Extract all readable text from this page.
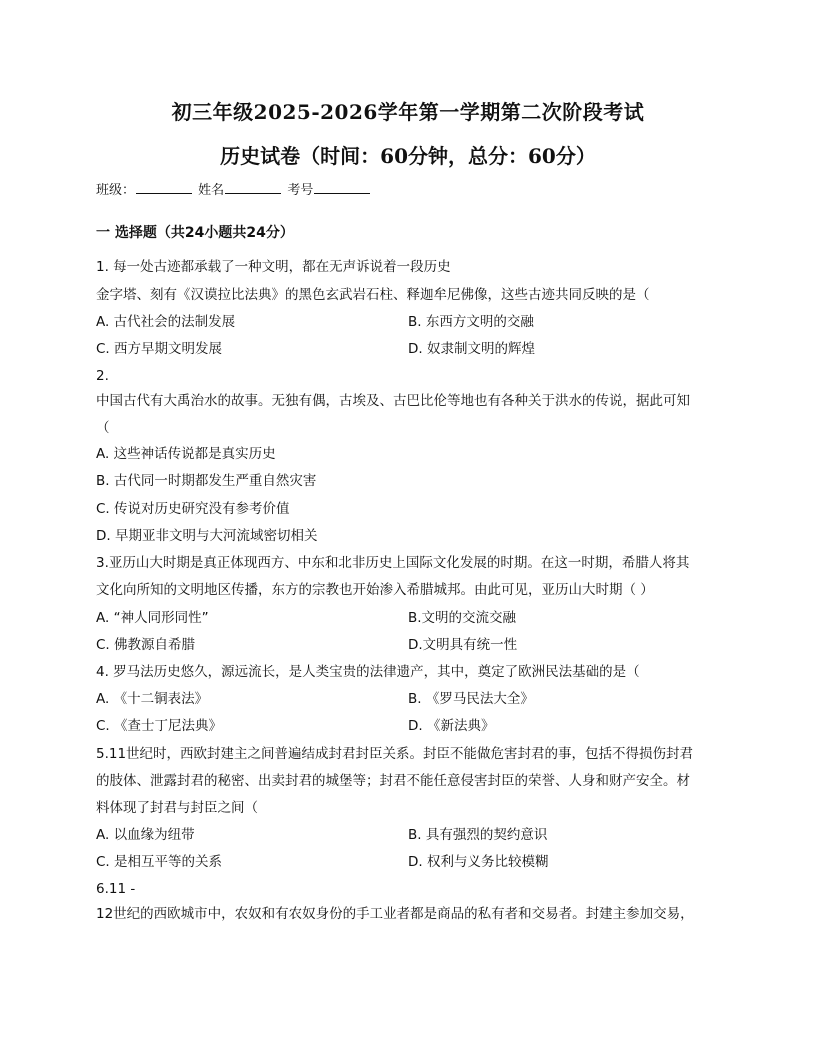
初三年级2025-2026学年第一学期第二次阶段考试
历史试卷（时间：60分钟，总分：60分）
班级：	姓名	考号
一 选择题（共24小题共24分）
1. 每一处古迹都承载了一种文明，都在无声诉说着一段历史
金字塔、刻有《汉谟拉比法典》的黑色玄武岩石柱、释迦牟尼佛像，这些古迹共同反映的是（
A. 古代社会的法制发展	B. 东西方文明的交融
C. 西方早期文明发展	D. 奴隶制文明的辉煌
2.
中国古代有大禹治水的故事。无独有偶，古埃及、古巴比伦等地也有各种关于洪水的传说，据此可知
（
A. 这些神话传说都是真实历史
B. 古代同一时期都发生严重自然灾害
C. 传说对历史研究没有参考价值
D. 早期亚非文明与大河流域密切相关
3.亚历山大时期是真正体现西方、中东和北非历史上国际文化发展的时期。在这一时期，希腊人将其
文化向所知的文明地区传播，东方的宗教也开始渗入希腊城邦。由此可见，亚历山大时期（ ）
A. “神人同形同性”	B.文明的交流交融
C. 佛教源自希腊	D.文明具有统一性
4. 罗马法历史悠久，源远流长，是人类宝贵的法律遗产，其中，奠定了欧洲民法基础的是（
A. 《十二铜表法》	B. 《罗马民法大全》
C. 《查士丁尼法典》	D. 《新法典》
5.11世纪时，西欧封建主之间普遍结成封君封臣关系。封臣不能做危害封君的事，包括不得损伤封君
的肢体、泄露封君的秘密、出卖封君的城堡等；封君不能任意侵害封臣的荣誉、人身和财产安全。材
料体现了封君与封臣之间（
A. 以血缘为纽带	B. 具有强烈的契约意识
C. 是相互平等的关系	D. 权利与义务比较模糊
6.11 -
12世纪的西欧城市中，农奴和有农奴身份的手工业者都是商品的私有者和交易者。封建主参加交易，
